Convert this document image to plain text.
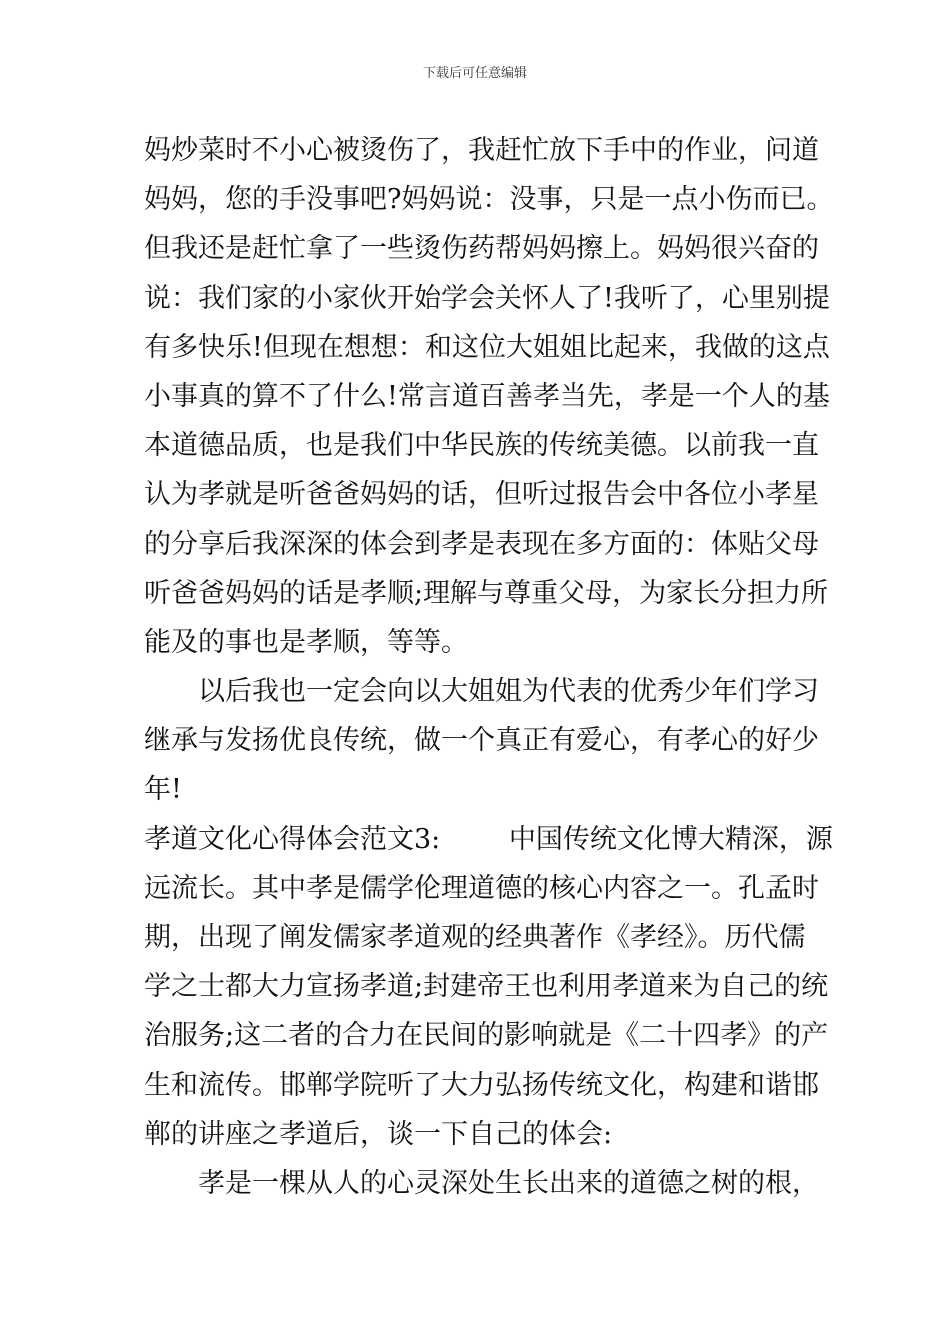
下载后可任意编辑
妈炒菜时不小心被烫伤了，我赶忙放下手中的作业，问道
妈妈，您的手没事吧?妈妈说：没事，只是一点小伤而已。
但我还是赶忙拿了一些烫伤药帮妈妈擦上。妈妈很兴奋的
说：我们家的小家伙开始学会关怀人了!我听了，心里别提
有多快乐!但现在想想：和这位大姐姐比起来，我做的这点
小事真的算不了什么!常言道百善孝当先，孝是一个人的基
本道德品质，也是我们中华民族的传统美德。以前我一直
认为孝就是听爸爸妈妈的话，但听过报告会中各位小孝星
的分享后我深深的体会到孝是表现在多方面的：体贴父母
听爸爸妈妈的话是孝顺;理解与尊重父母，为家长分担力所
能及的事也是孝顺，等等。
以后我也一定会向以大姐姐为代表的优秀少年们学习
继承与发扬优良传统，做一个真正有爱心，有孝心的好少
年!
孝道文化心得体会范文3:        中国传统文化博大精深，源
远流长。其中孝是儒学伦理道德的核心内容之一。孔孟时
期，出现了阐发儒家孝道观的经典著作《孝经》。历代儒
学之士都大力宣扬孝道;封建帝王也利用孝道来为自己的统
治服务;这二者的合力在民间的影响就是《二十四孝》的产
生和流传。邯郸学院听了大力弘扬传统文化，构建和谐邯
郸的讲座之孝道后，谈一下自己的体会:
孝是一棵从人的心灵深处生长出来的道德之树的根，
